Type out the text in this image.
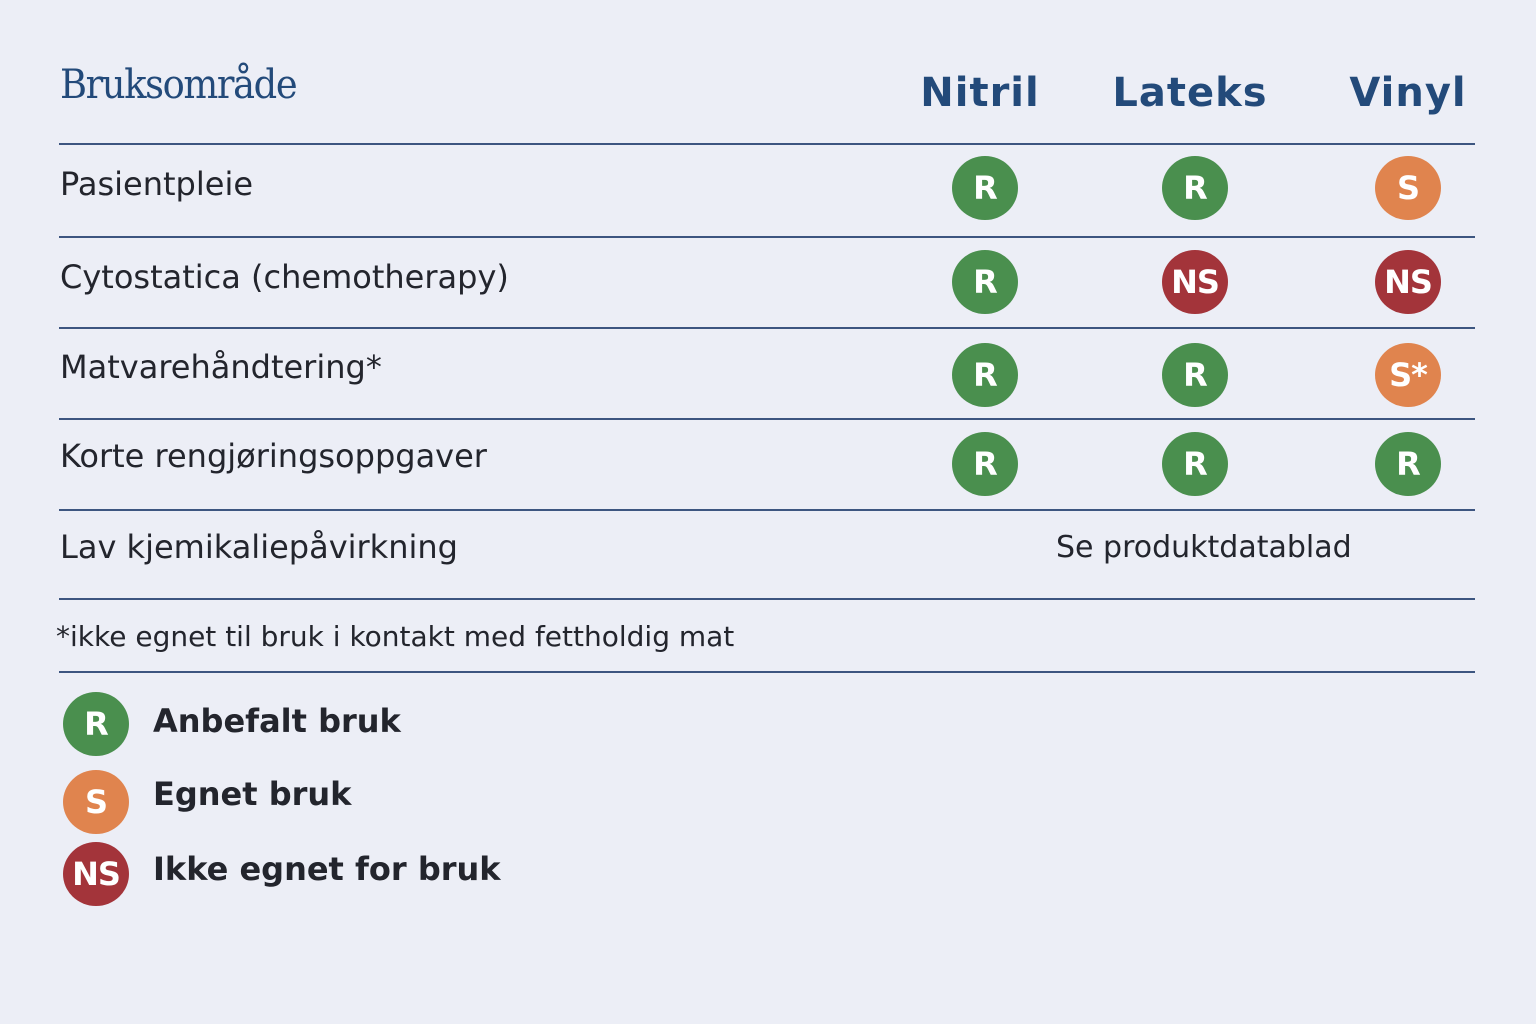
Bruksområde	Nitril	Lateks	Vinyl
Pasientpleie	R	R	S
Cytostatica (chemotherapy)	R	NS	NS
Matvarehåndtering*	R	R	S*
Korte rengjøringsoppgaver	R	R	R
Lav kjemikaliepåvirkning	Se produktdatablad
*ikke egnet til bruk i kontakt med fettholdig mat
R	Anbefalt bruk
S	Egnet bruk
NS Ikke egnet for bruk
